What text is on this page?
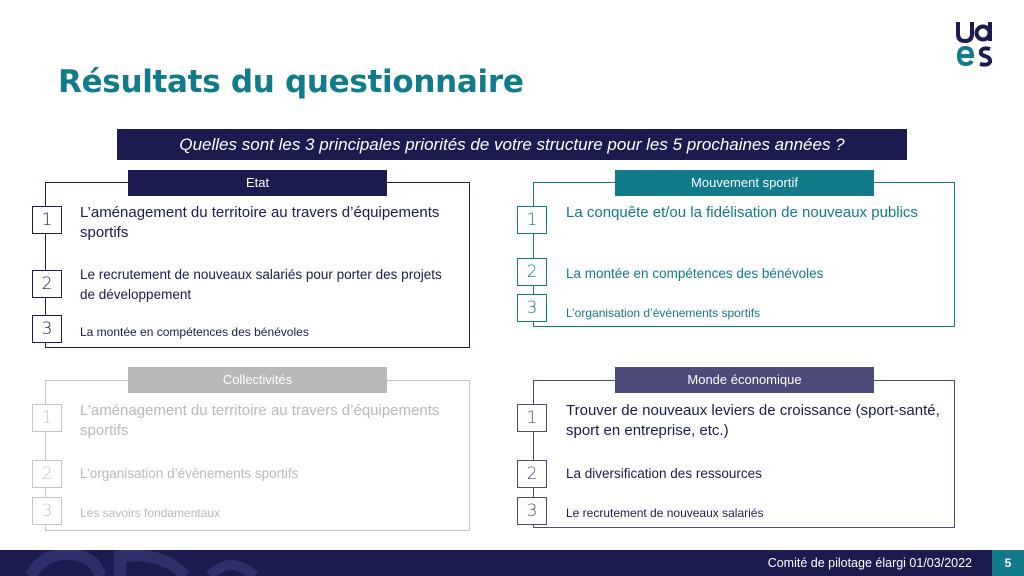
Résultats du questionnaire
Quelles sont les 3 principales priorités de votre structure pour les 5 prochaines années ?
Etat
1	L’aménagement du territoire au travers d’équipements sportifs
2	Le recrutement de nouveaux salariés pour porter des projets de développement
3	La montée en compétences des bénévoles
Mouvement sportif
1	La conquête et/ou la fidélisation de nouveaux publics
2	La montée en compétences des bénévoles
3	L’organisation d’évènements sportifs
Collectivités
1	L’aménagement du territoire au travers d’équipements sportifs
2	L’organisation d’évènements sportifs
3	Les savoirs fondamentaux
Monde économique
1	Trouver de nouveaux leviers de croissance (sport-santé, sport en entreprise, etc.)
2	La diversification des ressources
3	Le recrutement de nouveaux salariés
Comité de pilotage élargi 01/03/2022	5
